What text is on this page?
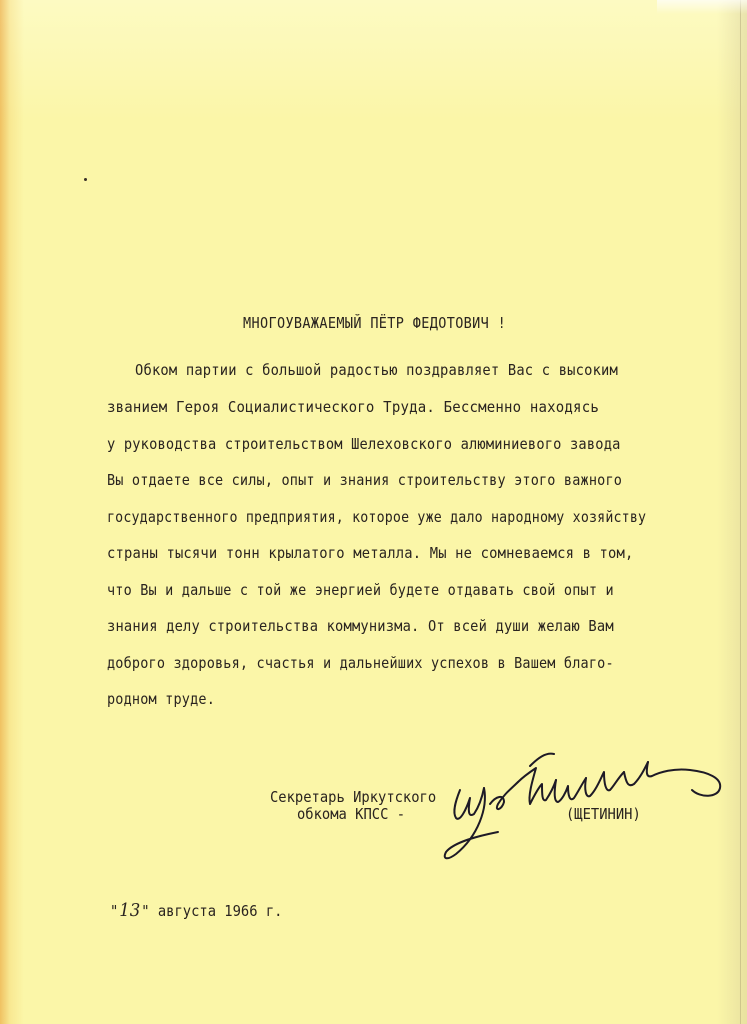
МНОГОУВАЖАЕМЫЙ ПЁТР ФЕДОТОВИЧ !

Обком партии с большой радостью поздравляет Вас с высоким

званием Героя Социалистического Труда. Бессменно находясь

у руководства строительством Шелеховского алюминиевого завода

Вы отдаете все силы, опыт и знания строительству этого важного

государственного предприятия, которое уже дало народному хозяйству

страны тысячи тонн крылатого металла. Мы не сомневаемся в том,

что Вы и дальше с той же энергией будете отдавать свой опыт и

знания делу строительства коммунизма. От всей души желаю Вам

доброго здоровья, счастья и дальнейших успехов в Вашем благо-

родном труде.

Секретарь Иркутского

обкома КПСС -	(ЩЕТИНИН)

"13" августа 1966 г.
